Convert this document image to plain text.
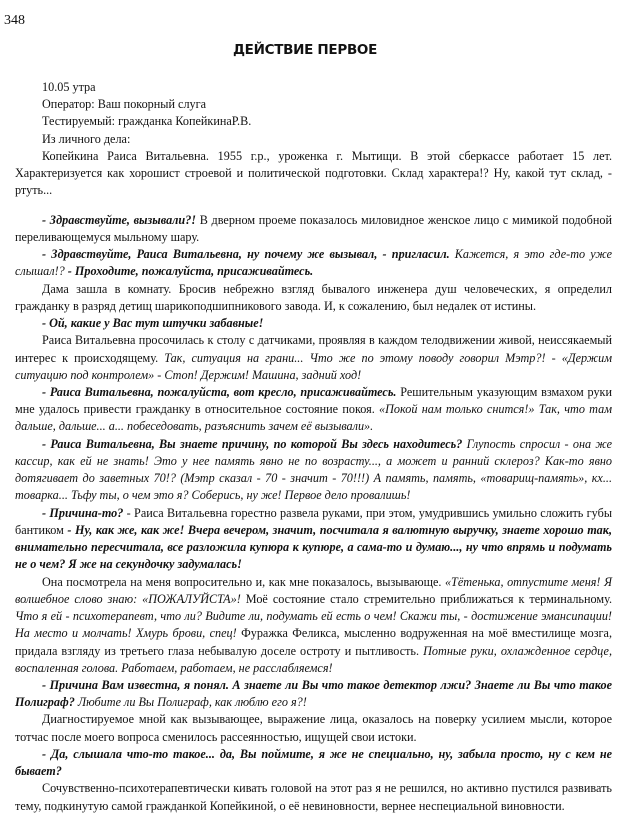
348
ДЕЙСТВИЕ ПЕРВОЕ
10.05 утра
Оператор: Ваш покорный слуга
Тестируемый: гражданка КопейкинаР.В.
Из личного дела:

Копейкина Раиса Витальевна. 1955 г.р., уроженка г. Мытищи. В этой сберкассе работает 15 лет. Характеризуется как хорошист строевой и политической подготовки. Склад характера!? Ну, какой тут склад, - ртуть...

- Здравствуйте, вызывали?! В дверном проеме показалось миловидное женское лицо с мимикой подобной переливающемуся мыльному шару.

- Здравствуйте, Раиса Витальевна, ну почему же вызывал, - пригласил. Кажется, я это где-то уже слышал!? - Проходите, пожалуйста, присаживайтесь.

Дама зашла в комнату. Бросив небрежно взгляд бывалого инженера душ человеческих, я определил гражданку в разряд детищ шарикоподшипникового завода. И, к сожалению, был недалек от истины.

- Ой, какие у Вас тут штучки забавные!

Раиса Витальевна просочилась к столу с датчиками, проявляя в каждом телодвижении живой, неиссякаемый интерес к происходящему. Так, ситуация на грани... Что же по этому поводу говорил Мэтр?! - «Держим ситуацию под контролем» - Стоп! Держим! Машина, задний ход!

- Раиса Витальевна, пожалуйста, вот кресло, присаживайтесь. Решительным указующим взмахом руки мне удалось привести гражданку в относительное состояние покоя. «Покой нам только снится!» Так, что там дальше, дальше... а... побеседовать, разъяснить зачем её вызывали».

- Раиса Витальевна, Вы знаете причину, по которой Вы здесь находитесь? Глупость спросил - она же кассир, как ей не знать! Это у нее память явно не по возрасту..., а может и ранний склероз? Как-то явно дотягивает до заветных 70!? (Мэтр сказал - 70 - значит - 70!!!) А память, память, «товарищ-память», кх... товарка... Тьфу ты, о чем это я? Соберись, ну же! Первое дело провалишь!

- Причина-то? - Раиса Витальевна горестно развела руками, при этом, умудрившись умильно сложить губы бантиком - Ну, как же, как же! Вчера вечером, значит, посчитала я валютную выручку, знаете хорошо так, внимательно пересчитала, все разложила купюра к купюре, а сама-то и думаю..., ну что впрямь и подумать не о чем? Я же на секундочку задумалась!

Она посмотрела на меня вопросительно и, как мне показалось, вызывающе. «Тётенька, отпустите меня! Я волшебное слово знаю: «ПОЖАЛУЙСТА»! Моё состояние стало стремительно приближаться к терминальному. Что я ей - психотерапевт, что ли? Видите ли, подумать ей есть о чем! Скажи ты, - достижение эмансипации! На место и молчать! Хмурь брови, спец! Фуражка Феликса, мысленно водруженная на моё вместилище мозга, придала взгляду из третьего глаза небывалую доселе остроту и пытливость. Потные руки, охлажденное сердце, воспаленная голова. Работаем, работаем, не расслабляемся!

- Причина Вам известна, я понял. А знаете ли Вы что такое детектор лжи? Знаете ли Вы что такое Полиграф? Любите ли Вы Полиграф, как люблю его я?!

Диагностируемое мной как вызывающее, выражение лица, оказалось на поверку усилием мысли, которое тотчас после моего вопроса сменилось рассеянностью, ищущей свои истоки.

- Да, слышала что-то такое... да, Вы поймите, я же не специально, ну, забыла просто, ну с кем не бывает?

Сочувственно-психотерапевтически кивать головой на этот раз я не решился, но активно пустился развивать тему, подкинутую самой гражданкой Копейкиной, о её невиновности, вернее неспециальной виновности.
